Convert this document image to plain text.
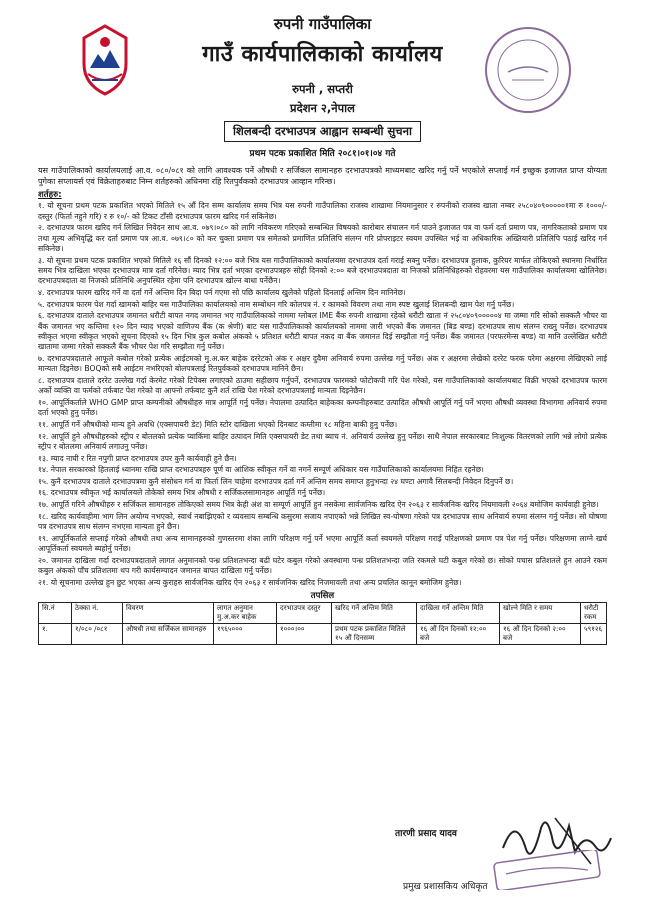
रुपनी गाउँपालिका
गाउँ कार्यपालिकाको कार्यालय
रुपनी , सप्तरी
प्रदेशन २,नेपाल
शिलबन्दी दरभाउपत्र आह्वान सम्बन्धी सुचना
प्रथम पटक प्रकाशित मिति २०८१।०१।०४ गते
यस गाउँपालिकाको कार्यालयलाई आ.व. ०८०/०८१ को लागि आवश्यक पर्ने औषधी र सर्जिकल सामानहरु दरभाउपत्रको माध्यमबाट खरिद गर्नु पर्ने भएकोले सप्लाई गर्न इच्छुक इजाजत प्राप्त योग्यता पुगेका सप्लायर्स एवं विक्रेताहरुबाट निम्न शर्तहरुको अधिनमा रहि रितपुर्वकको दरभाउपत्र आव्हान गरिन्छ।
शर्तहरु:
१. यो सूचना प्रथम पटक प्रकाशित भएको मितिले १५ औं दिन सम्म कार्यालय समय भित्र यस रुपनी गाउँपालिका राजस्व शाखामा नियमानुसार र रुपनीको राजस्व खाता नम्बर २५८०४०९०००००१मा रु १०००/- दस्तुर (फिर्ता नहुने गरि) र रु १०/- को टिकट टाँसी दरभाउपत्र फारम खरिद गर्न सकिनेछ।
२. दरभाउपत्र फारम खरिद गर्न लिखित निवेदन साथ आ.व. ०७९।०८० को लागि नविकरण गरिएको सम्बन्धित विषयको कारोबार संचालन गर्न पाउने इजाजत पत्र वा फर्म दर्ता प्रमाण पत्र, नागरिकताको प्रमाण पत्र तथा मूल्य अभिवृद्धि कर दर्ता प्रमाण पत्र आ.व. ०७९।८० को कर चुक्ता प्रमाण पत्र समेतको प्रमाणित प्रतिलिपि संलग्न गरि प्रोपराइटर स्वयम उपस्थित भई वा अधिकारिक अख्तियारी प्रतिलिपि पठाई खरिद गर्न सकिनेछ।
३. यो सूचना प्रथम पटक प्रकाशित भएको मितिले १६ सौं दिनको १२:०० बजे भित्र यस गाउँपालिकाको कार्यालयमा दरभाउपत्र दर्ता गराई सक्नु पर्नेछ। दरभाउपत्र हुलाक, कुरियर मार्फत तोकिएको स्थानमा निर्धारित समय भित्र दाखिला भएका दरभाउपत्र मात्र दर्ता गरिनेछ। म्याद भित्र दर्ता भएका दरभाउपत्रहरु सोही दिनको २:०० बजे दरभाउपत्रदाता वा निजको प्रतिनिधिहरुको रोहवरमा यस गाउँपालिका कार्यालयमा खोलिनेछ। दरभाउपत्रदाता वा निजको प्रतिनिधि अनुपस्थित रहेमा पनि दरभाउपत्र खोल्न बाधा पर्नेछैन।
४. दरभाउपत्र फारम खरिद गर्ने वा दर्ता गर्ने अन्तिम दिन बिदा पर्न गएमा सो पछि कार्यालय खुलेको पहिलो दिनलाई अन्तिम दिन मानिनेछ।
५. दरभाउपत्र फारम पेश गर्दा खामको बाहिर यस गाउँपालिका कार्यालयको नाम सम्बोधन गरि कोलपत्र नं. र कामको विवरण तथा नाम स्पष्ट खुलाई शिलबन्दी खाम पेश गर्नु पर्नेछ।
६. दरभाउपत्र दाताले दरभाउपत्र जमानत धरौटी बापत नगद जमानत भए गाउँपालिकाको नाममा ग्लोबल IME बैंक रुपनी शाखामा रहेको धरौटी खाता नं २५८०४०९०००००४ मा जम्मा गरि सोको सक्कलै भौचर वा बैंक जमानत भए कम्तिमा १२० दिन म्याद भएको वाणिज्य बैंक (क श्रेणी) बाट यस गाउँपालिकाको कार्यालयको नाममा जारी भएको बैंक जमानत (बिड बण्ड) दरभाउपत्र साथ संलग्न राख्नु पर्नेछ। दरभाउपत्र स्वीकृत भएमा स्वीकृत भएको सूचना दिएको १५ दिन भित्र कुल कबोल अंकको ५ प्रतिशत धरौटी बापत नकद वा बैंक जमानत दिई सम्झौता गर्नु पर्नेछ। बैंक जमानत (परफरमेन्स बण्ड) वा मानि उल्लेखित धरौटी खातामा जम्मा गरेको सक्कलै बैंक भौचर पेश गरि सम्झौता गर्नु पर्नेछ।
७. दरभाउपत्रदाताले आफूले कबोल गरेको प्रत्येक आईटमको मु.अ.कर बाहेक दररेटको अंक र अक्षर दुवैमा अनिवार्य रुपमा उल्लेख गर्नु पर्नेछ। अंक र अक्षरमा लेखेको दररेट फरक परेमा अक्षरमा लेखिएको लाई मान्यता दिइनेछ। BOQको सबै आईटम नभरिएको बोलपत्रलाई रितपुर्वकको दरभाउपत्र मानिने छैन।
८. दरभाउपत्र दाताले दररेट उल्लेख गर्दा केरमेट गरेको टिपेक्स लगाएको ठाउमा सहीछाप गर्नुपर्ने, दरभाउपत्र फारमको फोटोकपी गरि पेश गरेको, यस गाउँपालिकाको कार्यालयबाट विक्री भएको दरभाउपत्र फारम अर्को व्यक्ति वा फर्मको तर्फबाट पेश गरेको वा आफ्नो तर्फबाट कुनै शर्त राखि पेश गरेको दरभाउपत्रलाई मान्यता दिइनेछैन।
१०. आपूर्तिकर्ताले WHO GMP प्राप्त कम्पनीको औषधीहरु मात्र आपूर्ति गर्नु पर्नेछ। नेपालमा उत्पादित बाहेकका कम्पनीहरुबाट उत्पादित औषधी आपूर्ति गर्नु पर्ने भएमा औषधी व्यवस्था विभागमा अनिवार्य रुपमा दर्ता भएको हुनु पर्नेछ।
११. आपूर्ति गर्ने औषधीको मान्य हुने अवधि (एक्सपायरी डेट) मिति स्टोर दाखिला भएको दिनबाट कम्तीमा १८ महिना बाकी हुनु पर्नेछ।
१२. आपूर्ति हुने औषधीहरुको स्ट्रीप र बोतलको प्रत्येक प्याकिंमा बाहिर उत्पादन मिति एक्सपायरी डेट तथा ब्याच नं. अनिवार्य उल्लेख हुनु पर्नेछ। साथै नेपाल सरकारबाट निःशुल्क वितरणको लागि भन्ने लोगो प्रत्येक स्ट्रीप र बोतलमा अनिवार्य लगाउनु पर्नेछ।
१३. म्याद नाघी र रित नपुगी प्राप्त दरभाउपत्र उपर कुनै कार्यवाही हुने छैन।
१४. नेपाल सरकारको हितलाई ध्यानमा राखि प्राप्त दरभाउपत्रहरु पूर्ण वा आंशिक स्वीकृत गर्ने वा नगर्ने सम्पूर्ण अधिकार यस गाउँपालिकाको कार्यालयमा निहित रहनेछ।
१५. कुनै दरभाउपत्र दाताले दरभाउपत्रमा कुनै संसोधन गर्न वा फिर्ता लिन चाहेमा दरभाउपत्र दर्ता गर्ने अन्तिम समय समाप्त हुनुभन्दा २४ घण्टा अगावै सिलबन्दी निवेदन दिनुपर्ने छ।
१६. दरभाउपत्र स्वीकृत भई कार्यालयले तोकेको समय भित्र औषधी र सर्जिकलसामानहरु आपूर्ति गर्नु पर्नेछ।
१७. आपूर्ति गरिने औषधीहरु र सर्जिकल सामानहरु तोकिएको समय भित्र केही अंश वा सम्पूर्ण आपूर्ति हुन नसकेमा सार्वजनिक खरिद ऐन २०६३ र सार्वजनिक खरिद नियमावली २०६४ बमोजिम कार्यवाही हुनेछ।
१८. खरिद कार्यवाहीमा भाग लिन अयोग्य नभएको, स्वार्थ नबाझिएको र व्यवसाय सम्बन्धि कसुरमा सजाय नपाएको भन्ने लिखित स्व-घोषणा गरेको पत्र दरभाउपत्र साथ अनिवार्य रुपमा संलग्न गर्नु पर्नेछ। सो घोषणा पत्र दरभाउपत्र साथ संलग्न नभएमा मान्यता हुने छैन।
१९. आपूर्तिकर्ताले सप्लाई गरेको औषधी तथा अन्य सामानहरुको गुणस्तरमा शंका लागि परिक्षण गर्नु पर्ने भएमा आपूर्ति कर्ता स्वयमले परिक्षण गराई परिक्षणको प्रमाण पत्र पेश गर्नु पर्नेछ। परिक्षणमा लाग्ने खर्च आपूर्तिकर्ता स्वयमले ब्यहोर्नु पर्नेछ।
२०. जमानत दाखिला गर्दा दरभाउपत्रदाताले लागत अनुमानको पन्ध्र प्रतिशतभन्दा बढी घटेर कबुल गरेको अवस्थामा पन्ध्र प्रतिशतभन्दा जति रकमले घटी कबुल गरेको छ। सोको पचास प्रतिशतले हुन आउने रकम कबुल अंकको पाँच प्रतिशतमा थप गरी कार्यसम्पादन जमानत बापत दाखिला गर्नु पर्नेछ।
२१. यो सूचनामा उल्लेख हुन छुट भएका अन्य कुराहरु सार्वजनिक खरिद ऐन २०६३ र सार्वजनिक खरिद निजमावली तथा अन्य प्रचलित कानून बमोजिम हुनेछ।
तपसिल
सि.नं	ठेक्का नं.	विवरण	लागत अनुमान मु.अ.कर बाहेक	दरभाउपत्र दस्तुर	खरिद गर्ने अन्तिम मिति	दाखिला गर्ने अन्तिम मिति	खोल्ने मिति र समय	धरौटी रकम
१.	१/०८० /०८१	औषधी तथा सर्जिकल सामानहरु	१९६५०००	१०००।००	प्रथम पटक प्रकाशित मितिले १५ औं दिनसम्म	१६ औं दिन दिनको १२:०० बजे	१६ औं दिन दिनको २:०० बजे	५९१२६
तारणी प्रसाद यादव
प्रमुख प्रशासकिय अधिकृत
